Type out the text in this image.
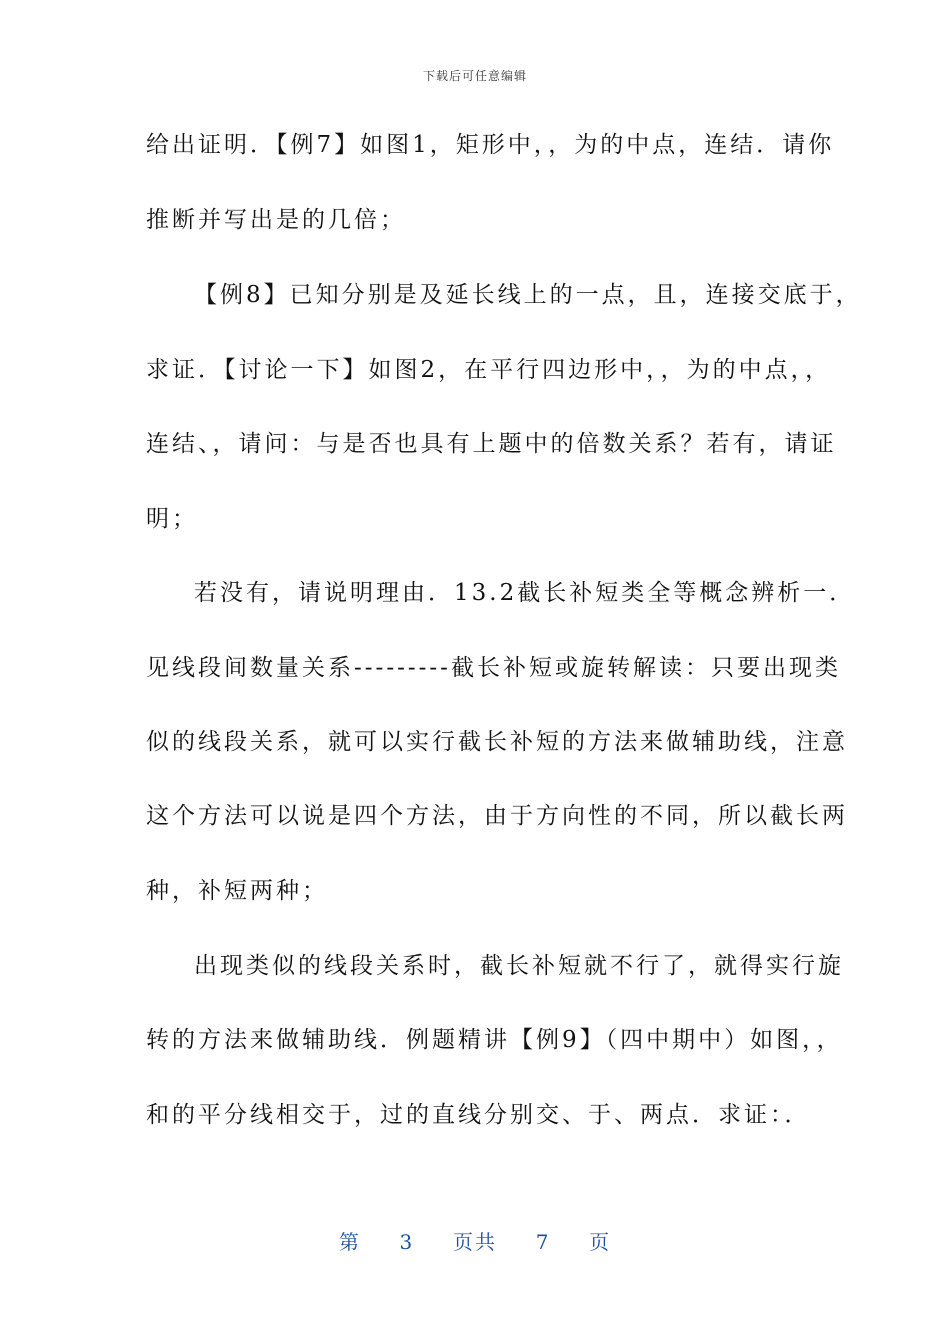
下载后可任意编辑
给出证明．【例7】如图1，矩形中，，为的中点，连结．请你
推断并写出是的几倍；
【例8】已知分别是及延长线上的一点，且，连接交底于，
求证．【讨论一下】如图2，在平行四边形中，，为的中点，，
连结、，请问：与是否也具有上题中的倍数关系？若有，请证
明；
若没有，请说明理由．13.2截长补短类全等概念辨析一．
见线段间数量关系---------截长补短或旋转解读：只要出现类
似的线段关系，就可以实行截长补短的方法来做辅助线，注意
这个方法可以说是四个方法，由于方向性的不同，所以截长两
种，补短两种；
出现类似的线段关系时，截长补短就不行了，就得实行旋
转的方法来做辅助线．例题精讲【例9】（四中期中）如图，，
和的平分线相交于，过的直线分别交、于、两点．求证：．
第 3 页共 7 页
